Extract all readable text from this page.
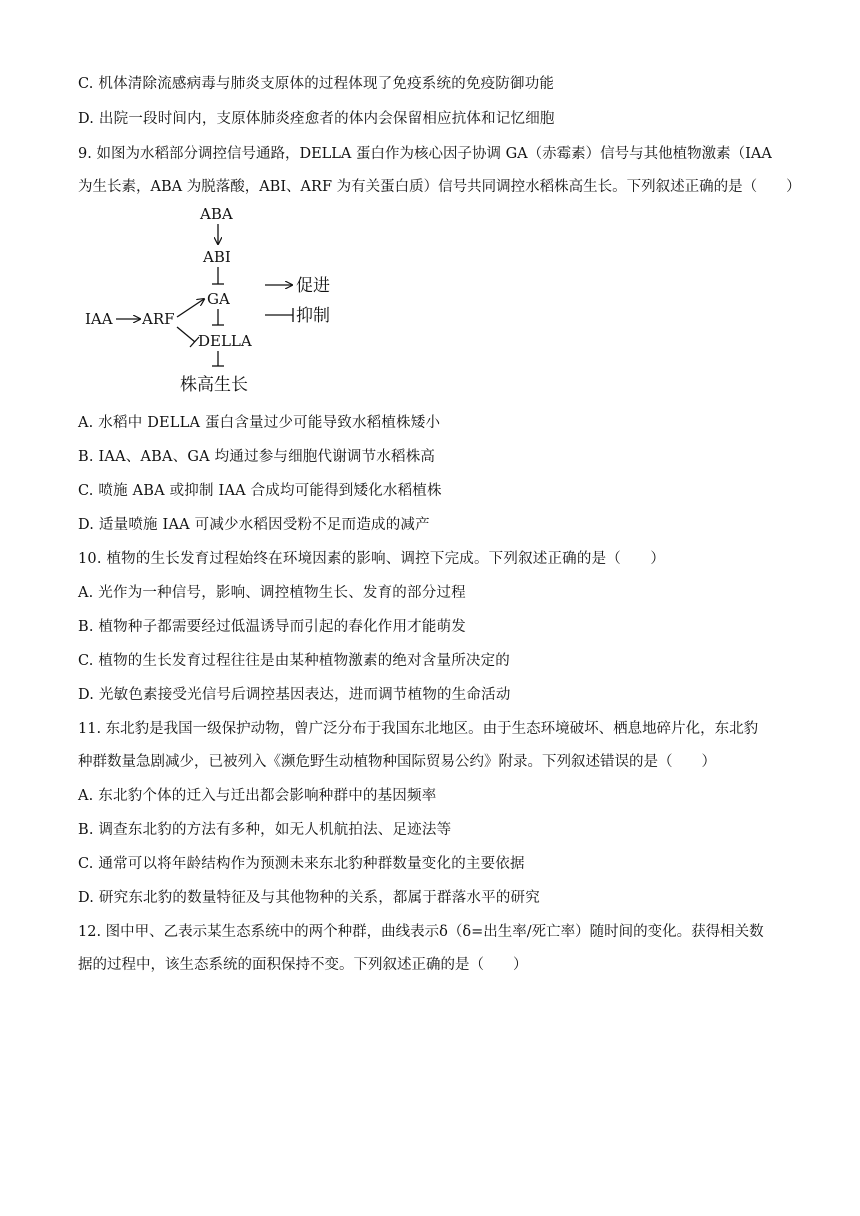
C. 机体清除流感病毒与肺炎支原体的过程体现了免疫系统的免疫防御功能
D. 出院一段时间内，支原体肺炎痊愈者的体内会保留相应抗体和记忆细胞
9. 如图为水稻部分调控信号通路，DELLA 蛋白作为核心因子协调 GA（赤霉素）信号与其他植物激素（IAA
为生长素，ABA 为脱落酸，ABI、ARF 为有关蛋白质）信号共同调控水稻株高生长。下列叙述正确的是（　　）
ABA
ABI
GA
IAA ARF
DELLA
株高生长
促进
抑制
A. 水稻中 DELLA 蛋白含量过少可能导致水稻植株矮小
B. IAA、ABA、GA 均通过参与细胞代谢调节水稻株高
C. 喷施 ABA 或抑制 IAA 合成均可能得到矮化水稻植株
D. 适量喷施 IAA 可减少水稻因受粉不足而造成的减产
10. 植物的生长发育过程始终在环境因素的影响、调控下完成。下列叙述正确的是（　　）
A. 光作为一种信号，影响、调控植物生长、发育的部分过程
B. 植物种子都需要经过低温诱导而引起的春化作用才能萌发
C. 植物的生长发育过程往往是由某种植物激素的绝对含量所决定的
D. 光敏色素接受光信号后调控基因表达，进而调节植物的生命活动
11. 东北豹是我国一级保护动物，曾广泛分布于我国东北地区。由于生态环境破坏、栖息地碎片化，东北豹
种群数量急剧减少，已被列入《濒危野生动植物种国际贸易公约》附录。下列叙述错误的是（　　）
A. 东北豹个体的迁入与迁出都会影响种群中的基因频率
B. 调查东北豹的方法有多种，如无人机航拍法、足迹法等
C. 通常可以将年龄结构作为预测未来东北豹种群数量变化的主要依据
D. 研究东北豹的数量特征及与其他物种的关系，都属于群落水平的研究
12. 图中甲、乙表示某生态系统中的两个种群，曲线表示δ（δ=出生率/死亡率）随时间的变化。获得相关数
据的过程中，该生态系统的面积保持不变。下列叙述正确的是（　　）
